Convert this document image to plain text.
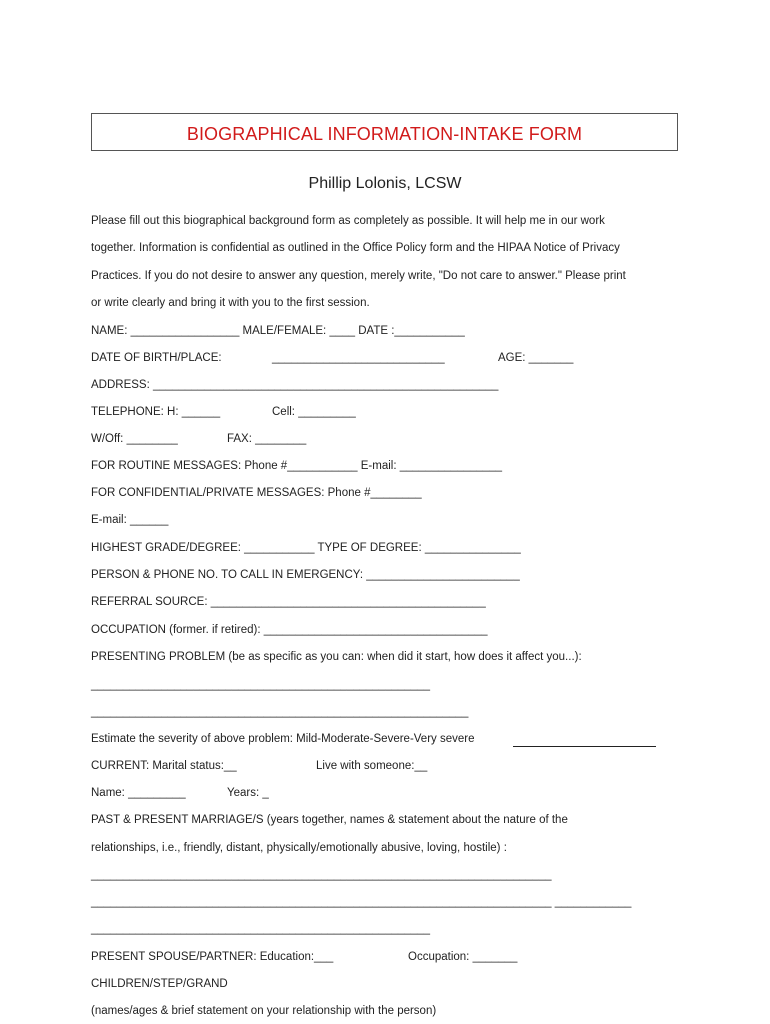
BIOGRAPHICAL INFORMATION-INTAKE FORM
Phillip Lolonis, LCSW
Please fill out this biographical background form as completely as possible. It will help me in our work
together. Information is confidential as outlined in the Office Policy form and the HIPAA Notice of Privacy
Practices. If you do not desire to answer any question, merely write, "Do not care to answer." Please print
or write clearly and bring it with you to the first session.
NAME: _________________ MALE/FEMALE: ____ DATE :___________
DATE OF BIRTH/PLACE:	___________________________	AGE: _______
ADDRESS: ______________________________________________________
TELEPHONE: H: ______	Cell: _________
W/Off: ________	FAX: ________
FOR ROUTINE MESSAGES: Phone #___________ E-mail: ________________
FOR CONFIDENTIAL/PRIVATE MESSAGES: Phone #________
E-mail: ______
HIGHEST GRADE/DEGREE: ___________ TYPE OF DEGREE: _______________
PERSON & PHONE NO. TO CALL IN EMERGENCY: ________________________
REFERRAL SOURCE: ___________________________________________
OCCUPATION (former. if retired): ___________________________________
PRESENTING PROBLEM (be as specific as you can: when did it start, how does it affect you...):
_____________________________________________________
___________________________________________________________
Estimate the severity of above problem: Mild-Moderate-Severe-Very severe
CURRENT: Marital status:__	Live with someone:__
Name: _________	Years: _
PAST & PRESENT MARRIAGE/S (years together, names & statement about the nature of the
relationships, i.e., friendly, distant, physically/emotionally abusive, loving, hostile) :
________________________________________________________________________
________________________________________________________________________ ____________
_____________________________________________________
PRESENT SPOUSE/PARTNER: Education:___	Occupation: _______
CHILDREN/STEP/GRAND
(names/ages & brief statement on your relationship with the person)
